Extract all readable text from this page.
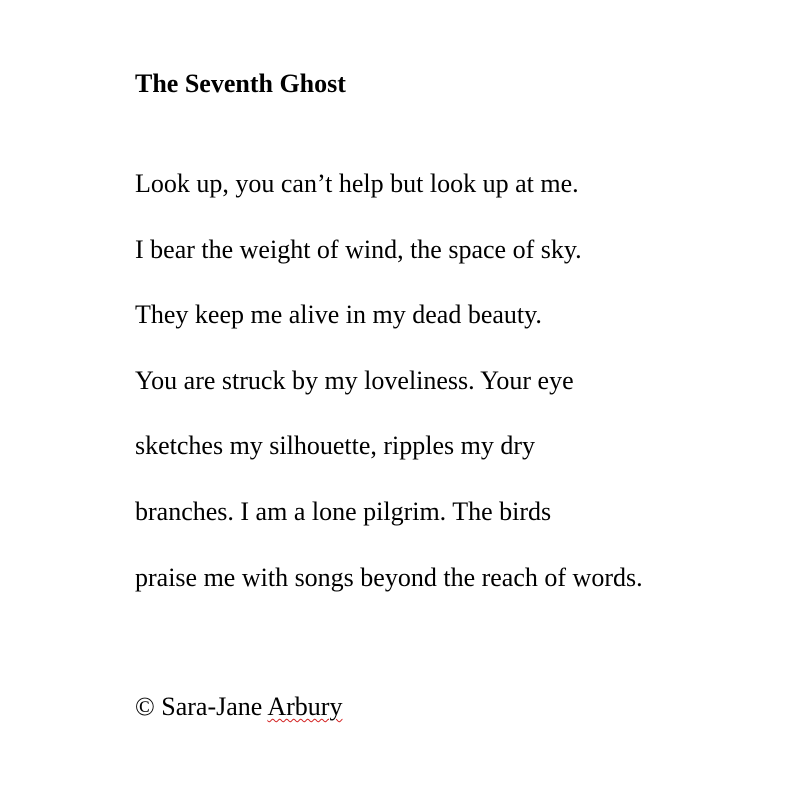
The Seventh Ghost
Look up, you can’t help but look up at me.
I bear the weight of wind, the space of sky.
They keep me alive in my dead beauty.
You are struck by my loveliness. Your eye
sketches my silhouette, ripples my dry
branches. I am a lone pilgrim. The birds
praise me with songs beyond the reach of words.
© Sara-Jane Arbury
